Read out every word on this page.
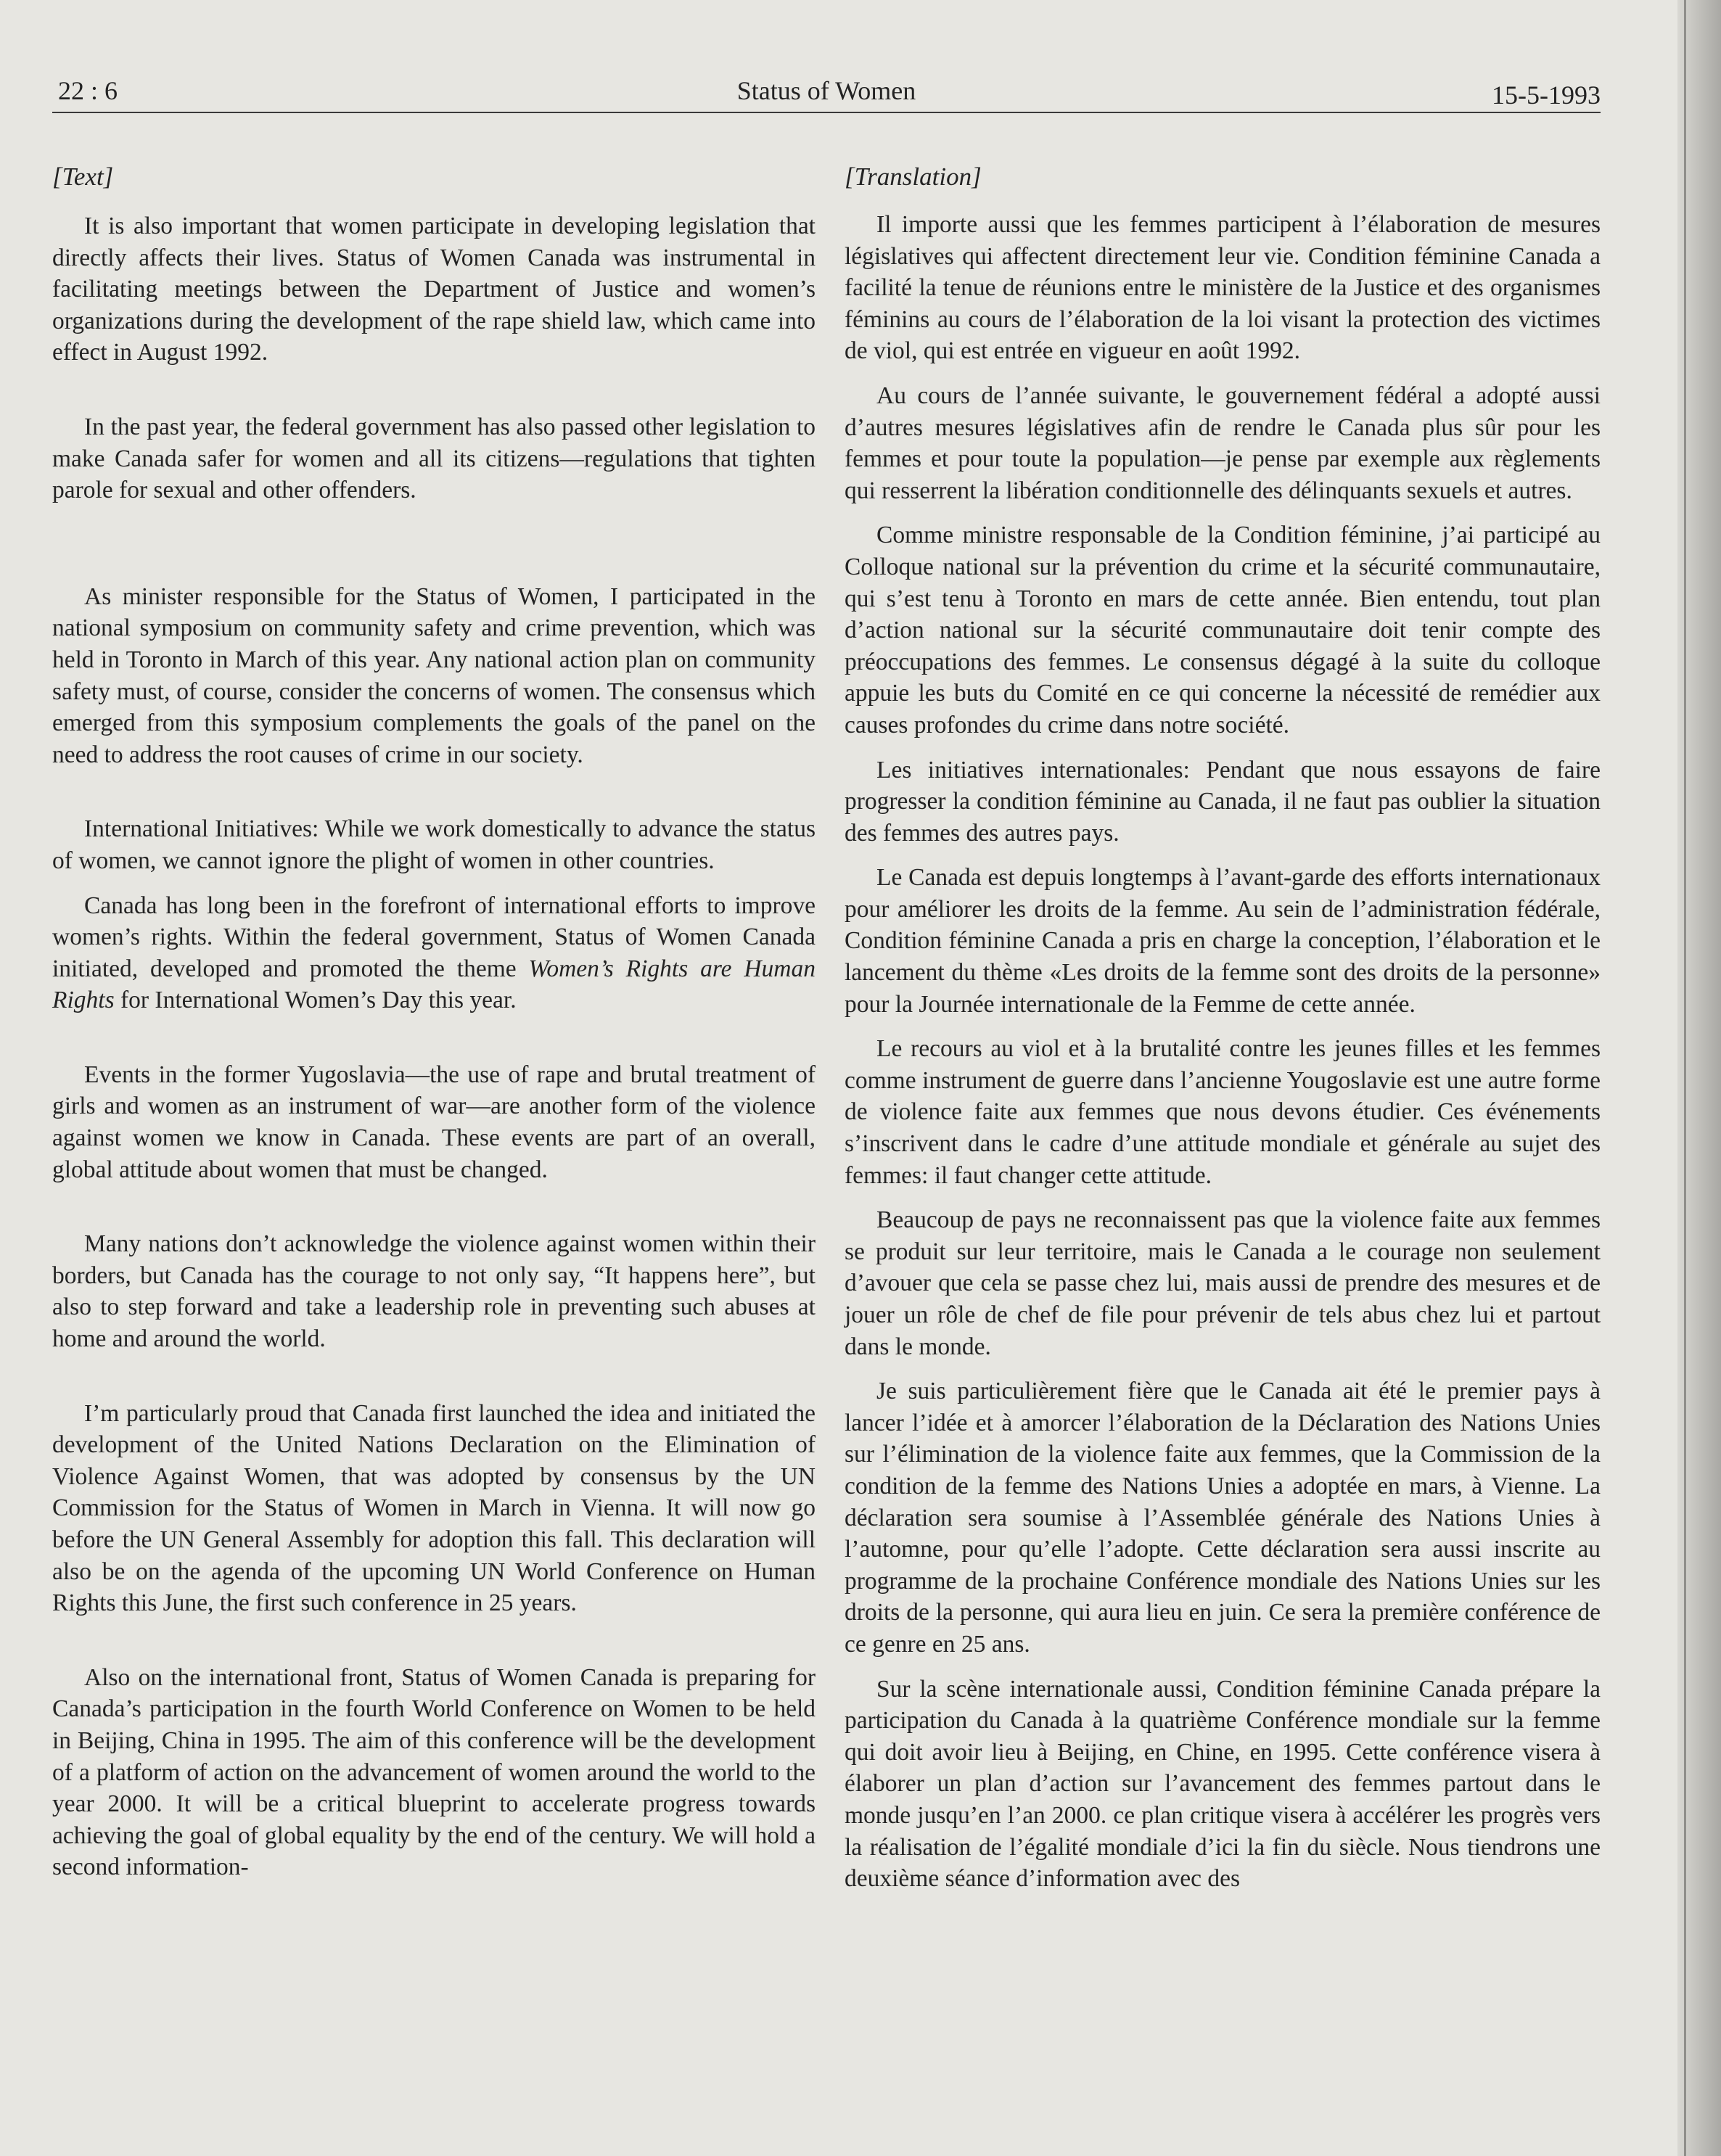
22 : 6	Status of Women	15-5-1993
[Text]

It is also important that women participate in developing legislation that directly affects their lives. Status of Women Canada was instrumental in facilitating meetings between the Department of Justice and women’s organizations during the development of the rape shield law, which came into effect in August 1992.

In the past year, the federal government has also passed other legislation to make Canada safer for women and all its citizens—regulations that tighten parole for sexual and other offenders.

As minister responsible for the Status of Women, I participated in the national symposium on community safety and crime prevention, which was held in Toronto in March of this year. Any national action plan on community safety must, of course, consider the concerns of women. The consensus which emerged from this symposium complements the goals of the panel on the need to address the root causes of crime in our society.

International Initiatives: While we work domestically to advance the status of women, we cannot ignore the plight of women in other countries.

Canada has long been in the forefront of international efforts to improve women’s rights. Within the federal government, Status of Women Canada initiated, developed and promoted the theme Women’s Rights are Human Rights for International Women’s Day this year.

Events in the former Yugoslavia—the use of rape and brutal treatment of girls and women as an instrument of war—are another form of the violence against women we know in Canada. These events are part of an overall, global attitude about women that must be changed.

Many nations don’t acknowledge the violence against women within their borders, but Canada has the courage to not only say, “It happens here”, but also to step forward and take a leadership role in preventing such abuses at home and around the world.

I’m particularly proud that Canada first launched the idea and initiated the development of the United Nations Declaration on the Elimination of Violence Against Women, that was adopted by consensus by the UN Commission for the Status of Women in March in Vienna. It will now go before the UN General Assembly for adoption this fall. This declaration will also be on the agenda of the upcoming UN World Conference on Human Rights this June, the first such conference in 25 years.

Also on the international front, Status of Women Canada is preparing for Canada’s participation in the fourth World Conference on Women to be held in Beijing, China in 1995. The aim of this conference will be the development of a platform of action on the advancement of women around the world to the year 2000. It will be a critical blueprint to accelerate progress towards achieving the goal of global equality by the end of the century. We will hold a second information-

[Translation]

Il importe aussi que les femmes participent à l’élaboration de mesures législatives qui affectent directement leur vie. Condition féminine Canada a facilité la tenue de réunions entre le ministère de la Justice et des organismes féminins au cours de l’élaboration de la loi visant la protection des victimes de viol, qui est entrée en vigueur en août 1992.

Au cours de l’année suivante, le gouvernement fédéral a adopté aussi d’autres mesures législatives afin de rendre le Canada plus sûr pour les femmes et pour toute la population—je pense par exemple aux règlements qui resserrent la libération conditionnelle des délinquants sexuels et autres.

Comme ministre responsable de la Condition féminine, j’ai participé au Colloque national sur la prévention du crime et la sécurité communautaire, qui s’est tenu à Toronto en mars de cette année. Bien entendu, tout plan d’action national sur la sécurité communautaire doit tenir compte des préoccupations des femmes. Le consensus dégagé à la suite du colloque appuie les buts du Comité en ce qui concerne la nécessité de remédier aux causes profondes du crime dans notre société.

Les initiatives internationales: Pendant que nous essayons de faire progresser la condition féminine au Canada, il ne faut pas oublier la situation des femmes des autres pays.

Le Canada est depuis longtemps à l’avant-garde des efforts internationaux pour améliorer les droits de la femme. Au sein de l’administration fédérale, Condition féminine Canada a pris en charge la conception, l’élaboration et le lancement du thème «Les droits de la femme sont des droits de la personne» pour la Journée internationale de la Femme de cette année.

Le recours au viol et à la brutalité contre les jeunes filles et les femmes comme instrument de guerre dans l’ancienne Yougoslavie est une autre forme de violence faite aux femmes que nous devons étudier. Ces événements s’inscrivent dans le cadre d’une attitude mondiale et générale au sujet des femmes: il faut changer cette attitude.

Beaucoup de pays ne reconnaissent pas que la violence faite aux femmes se produit sur leur territoire, mais le Canada a le courage non seulement d’avouer que cela se passe chez lui, mais aussi de prendre des mesures et de jouer un rôle de chef de file pour prévenir de tels abus chez lui et partout dans le monde.

Je suis particulièrement fière que le Canada ait été le premier pays à lancer l’idée et à amorcer l’élaboration de la Déclaration des Nations Unies sur l’élimination de la violence faite aux femmes, que la Commission de la condition de la femme des Nations Unies a adoptée en mars, à Vienne. La déclaration sera soumise à l’Assemblée générale des Nations Unies à l’automne, pour qu’elle l’adopte. Cette déclaration sera aussi inscrite au programme de la prochaine Conférence mondiale des Nations Unies sur les droits de la personne, qui aura lieu en juin. Ce sera la première conférence de ce genre en 25 ans.

Sur la scène internationale aussi, Condition féminine Canada prépare la participation du Canada à la quatrième Conférence mondiale sur la femme qui doit avoir lieu à Beijing, en Chine, en 1995. Cette conférence visera à élaborer un plan d’action sur l’avancement des femmes partout dans le monde jusqu’en l’an 2000. ce plan critique visera à accélérer les progrès vers la réalisation de l’égalité mondiale d’ici la fin du siècle. Nous tiendrons une deuxième séance d’information avec des
